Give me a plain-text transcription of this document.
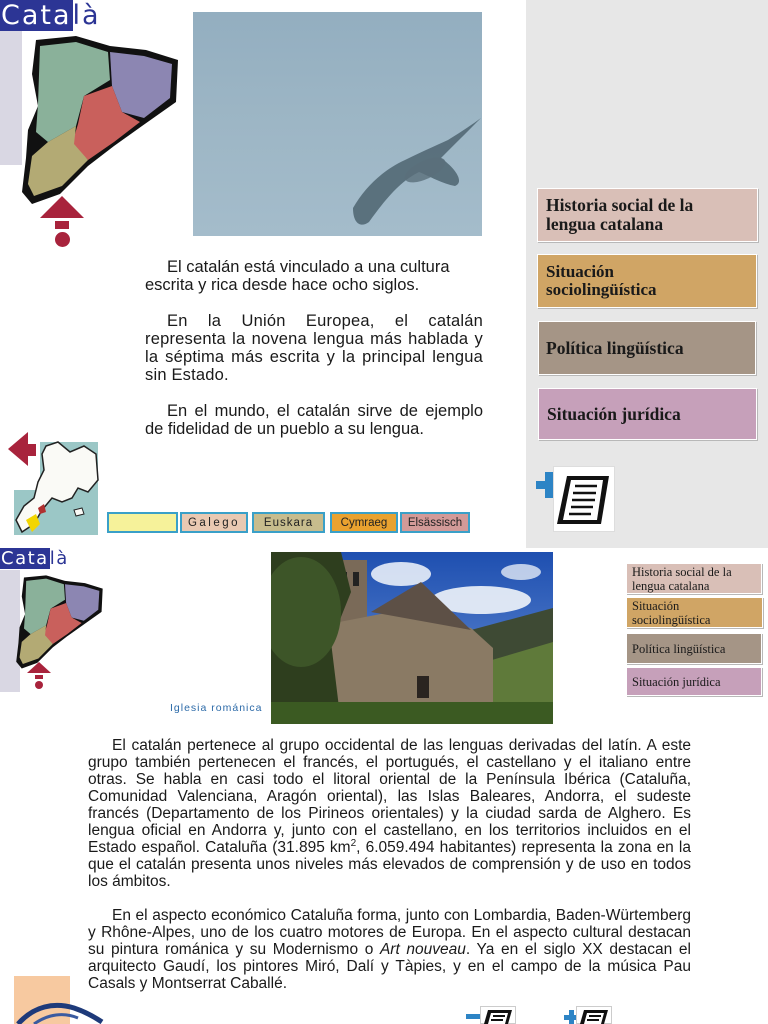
Català

El catalán está vinculado a una cultura escrita y rica desde hace ocho siglos.

En la Unión Europea, el catalán representa la novena lengua más hablada y la séptima más escrita y la principal lengua sin Estado.

En el mundo, el catalán sirve de ejemplo de fidelidad de un pueblo a su lengua.

Galego Euskara Cymraeg Elsässisch
Historia social de la lengua catalana
Situación sociolingüística
Política lingüística
Situación jurídica
Català
Iglesia románica
Historia social de la lengua catalana
Situación sociolingüística
Política lingüística
Situación jurídica

El catalán pertenece al grupo occidental de las lenguas derivadas del latín. A este grupo también pertenecen el francés, el portugués, el castellano y el italiano entre otras. Se habla en casi todo el litoral oriental de la Península Ibérica (Cataluña, Comunidad Valenciana, Aragón oriental), las Islas Baleares, Andorra, el sudeste francés (Departamento de los Pirineos orientales) y la ciudad sarda de Alghero. Es lengua oficial en Andorra y, junto con el castellano, en los territorios incluidos en el Estado español. Cataluña (31.895 $km^2$, 6.059.494 habitantes) representa la zona en la que el catalán presenta unos niveles más elevados de comprensión y de uso en todos los ámbitos.

En el aspecto económico Cataluña forma, junto con Lombardia, Baden-Würtemberg y Rhône-Alpes, uno de los cuatro motores de Europa. En el aspecto cultural destacan su pintura románica y su Modernismo o Art nouveau. Ya en el siglo XX destacan el arquitecto Gaudí, los pintores Miró, Dalí y Tàpies, y en el campo de la música Pau Casals y Montserrat Caballé.
